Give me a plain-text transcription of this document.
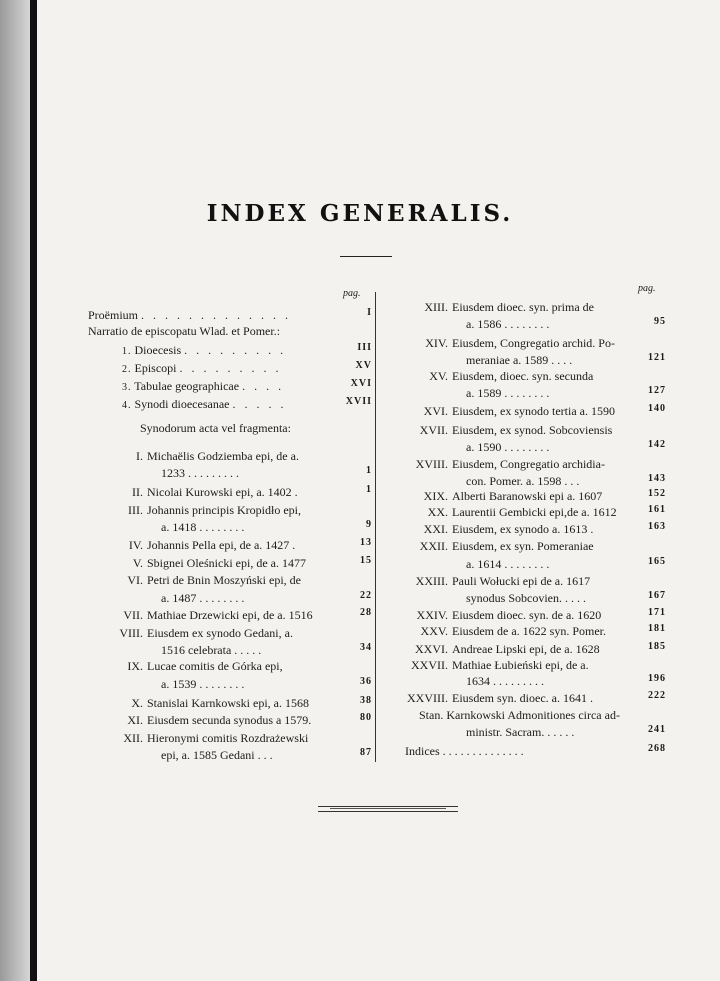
INDEX GENERALIS.
pag.	pag.
Proëmium . . . . . . . . . . . . .	I
Narratio de episcopatu Wlad. et Pomer.:
1. Dioecesis . . . . . . . . .	III
2. Episcopi . . . . . . . . .	XV
3. Tabulae geographicae . . . .	XVI
4. Synodi dioecesanae . . . . .	XVII
Synodorum acta vel fragmenta:
I. Michaëlis Godziemba epi, de a.
1233 . . . . . . . . .	1
II. Nicolai Kurowski epi, a. 1402 .	1
III. Johannis principis Kropidło epi,
a. 1418 . . . . . . . .	9
IV. Johannis Pella epi, de a. 1427 .	13
V. Sbignei Oleśnicki epi, de a. 1477	15
VI. Petri de Bnin Moszyński epi, de
a. 1487 . . . . . . . .	22
VII. Mathiae Drzewicki epi, de a. 1516	28
VIII. Eiusdem ex synodo Gedani, a.
1516 celebrata . . . . .	34
IX. Lucae comitis de Górka epi,
a. 1539 . . . . . . . .	36
X. Stanislai Karnkowski epi, a. 1568	38
XI. Eiusdem secunda synodus a 1579.	80
XII. Hieronymi comitis Rozdrażewski
epi, a. 1585 Gedani . . .	87
XIII. Eiusdem dioec. syn. prima de
a. 1586 . . . . . . . .	95
XIV. Eiusdem, Congregatio archid. Po-
meraniae a. 1589 . . . .	121
XV. Eiusdem, dioec. syn. secunda
a. 1589 . . . . . . . .	127
XVI. Eiusdem, ex synodo tertia a. 1590	140
XVII. Eiusdem, ex synod. Sobcoviensis
a. 1590 . . . . . . . .	142
XVIII. Eiusdem, Congregatio archidia-
con. Pomer. a. 1598 . . .	143
XIX. Alberti Baranowski epi a. 1607	152
XX. Laurentii Gembicki epi,de a. 1612	161
XXI. Eiusdem, ex synodo a. 1613 .	163
XXII. Eiusdem, ex syn. Pomeraniae
a. 1614 . . . . . . . .	165
XXIII. Pauli Wołucki epi de a. 1617
synodus Sobcovien. . . . .	167
XXIV. Eiusdem dioec. syn. de a. 1620	171
XXV. Eiusdem de a. 1622 syn. Pomer.	181
XXVI. Andreae Lipski epi, de a. 1628	185
XXVII. Mathiae Łubieński epi, de a.
1634 . . . . . . . . .	196
XXVIII. Eiusdem syn. dioec. a. 1641 .	222
Stan. Karnkowski Admonitiones circa ad-
ministr. Sacram. . . . . .	241
Indices . . . . . . . . . . . . . .	268
